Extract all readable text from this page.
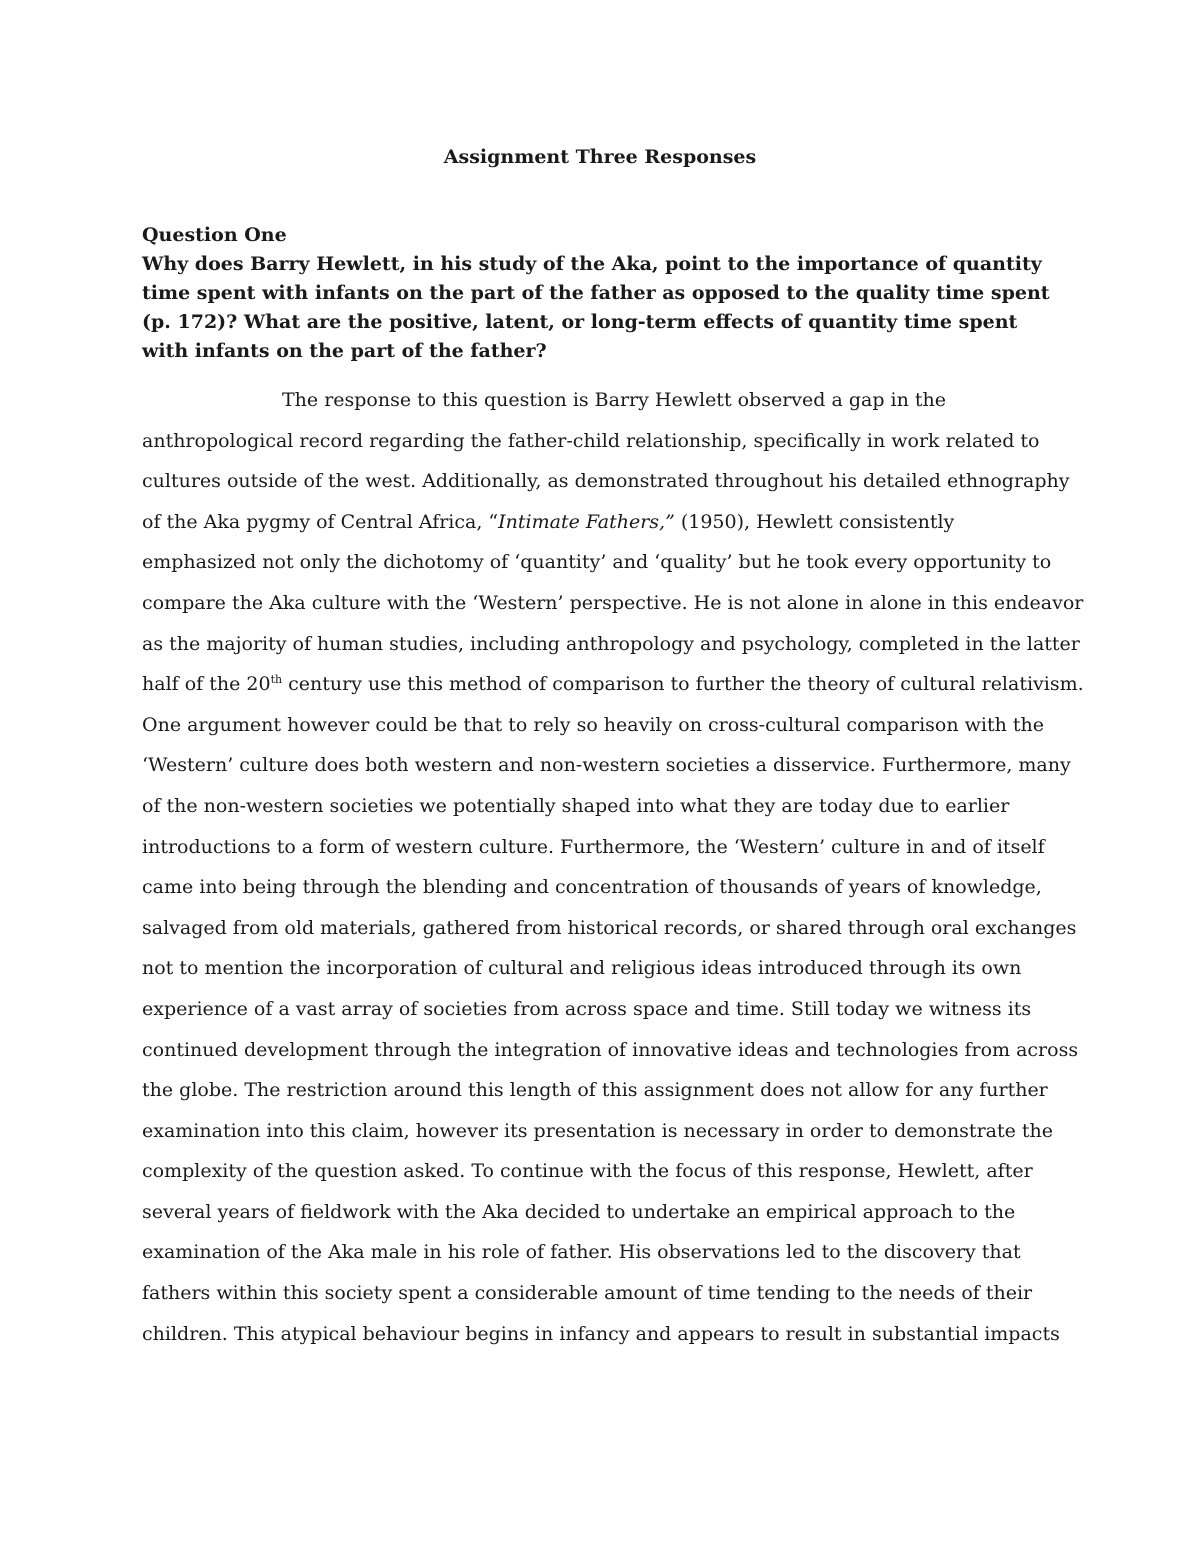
Assignment Three Responses
Question One
Why does Barry Hewlett, in his study of the Aka, point to the importance of quantity time spent with infants on the part of the father as opposed to the quality time spent (p. 172)? What are the positive, latent, or long-term effects of quantity time spent with infants on the part of the father?
The response to this question is Barry Hewlett observed a gap in the
anthropological record regarding the father-child relationship, specifically in work related to
cultures outside of the west. Additionally, as demonstrated throughout his detailed ethnography
of the Aka pygmy of Central Africa, “Intimate Fathers,” (1950), Hewlett consistently
emphasized not only the dichotomy of ‘quantity’ and ‘quality’ but he took every opportunity to
compare the Aka culture with the ‘Western’ perspective. He is not alone in alone in this endeavor
as the majority of human studies, including anthropology and psychology, completed in the latter
half of the 20th century use this method of comparison to further the theory of cultural relativism.
One argument however could be that to rely so heavily on cross-cultural comparison with the
‘Western’ culture does both western and non-western societies a disservice. Furthermore, many
of the non-western societies we potentially shaped into what they are today due to earlier
introductions to a form of western culture. Furthermore, the ‘Western’ culture in and of itself
came into being through the blending and concentration of thousands of years of knowledge,
salvaged from old materials, gathered from historical records, or shared through oral exchanges
not to mention the incorporation of cultural and religious ideas introduced through its own
experience of a vast array of societies from across space and time. Still today we witness its
continued development through the integration of innovative ideas and technologies from across
the globe. The restriction around this length of this assignment does not allow for any further
examination into this claim, however its presentation is necessary in order to demonstrate the
complexity of the question asked. To continue with the focus of this response, Hewlett, after
several years of fieldwork with the Aka decided to undertake an empirical approach to the
examination of the Aka male in his role of father. His observations led to the discovery that
fathers within this society spent a considerable amount of time tending to the needs of their
children. This atypical behaviour begins in infancy and appears to result in substantial impacts
